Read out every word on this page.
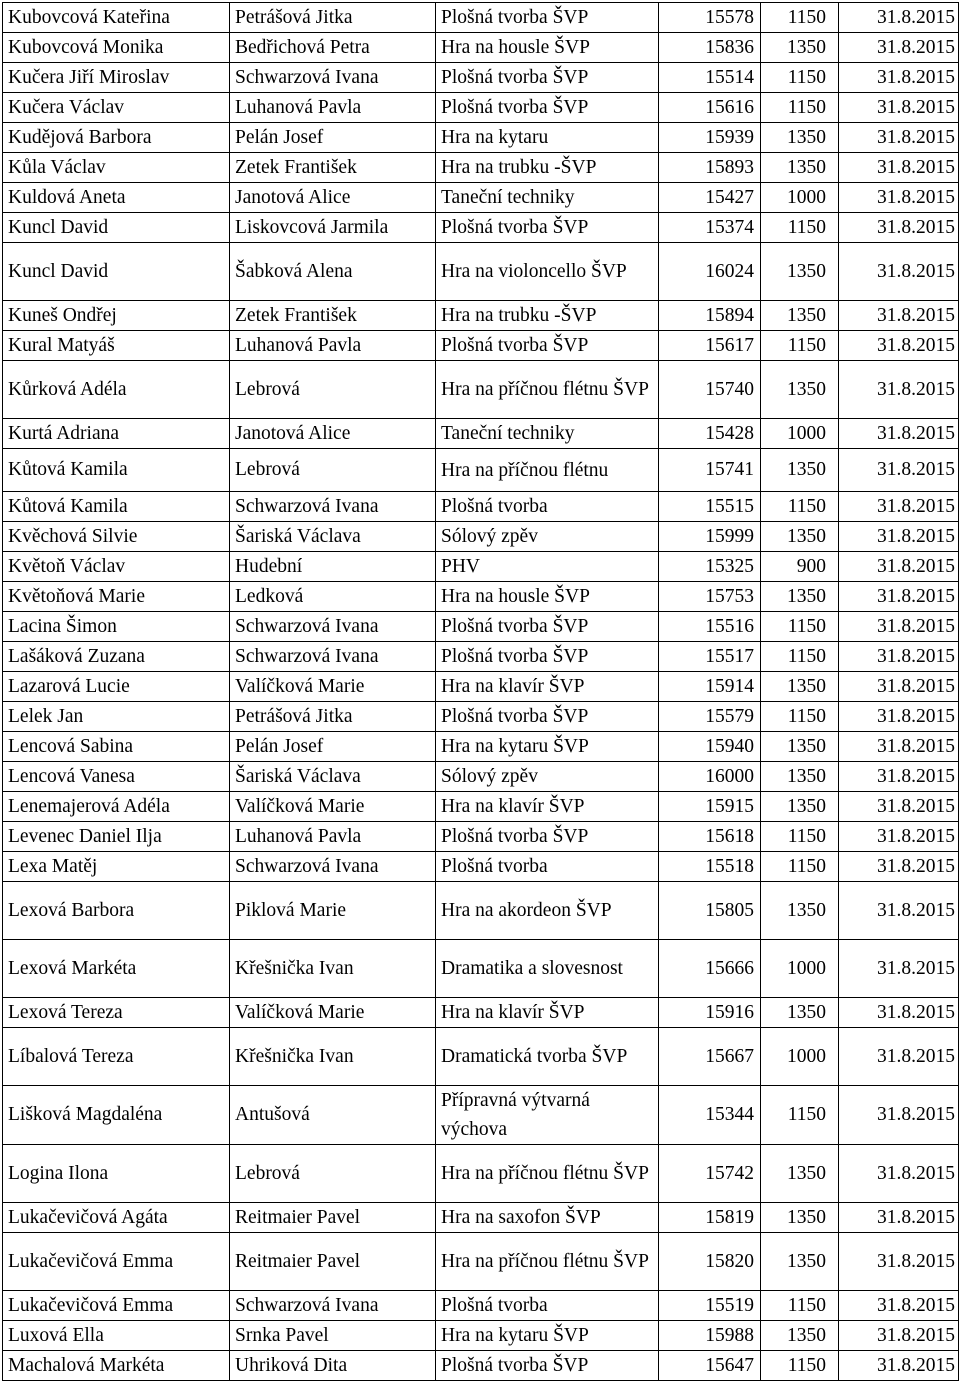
Kubovcová Kateřina	Petrášová Jitka	Plošná tvorba ŠVP	15578	1150	31.8.2015
Kubovcová Monika	Bedřichová Petra	Hra na housle ŠVP	15836	1350	31.8.2015
Kučera Jiří Miroslav	Schwarzová Ivana	Plošná tvorba ŠVP	15514	1150	31.8.2015
Kučera Václav	Luhanová Pavla	Plošná tvorba ŠVP	15616	1150	31.8.2015
Kudějová Barbora	Pelán Josef	Hra na kytaru	15939	1350	31.8.2015
Kůla Václav	Zetek František	Hra na trubku -ŠVP	15893	1350	31.8.2015
Kuldová Aneta	Janotová Alice	Taneční techniky	15427	1000	31.8.2015
Kuncl David	Liskovcová Jarmila	Plošná tvorba ŠVP	15374	1150	31.8.2015
Kuncl David	Šabková Alena	Hra na violoncello ŠVP	16024	1350	31.8.2015
Kuneš Ondřej	Zetek František	Hra na trubku -ŠVP	15894	1350	31.8.2015
Kural Matyáš	Luhanová Pavla	Plošná tvorba ŠVP	15617	1150	31.8.2015
Kůrková Adéla	Lebrová	Hra na příčnou flétnu ŠVP	15740	1350	31.8.2015
Kurtá Adriana	Janotová Alice	Taneční techniky	15428	1000	31.8.2015
Kůtová Kamila	Lebrová	Hra na příčnou flétnu	15741	1350	31.8.2015
Kůtová Kamila	Schwarzová Ivana	Plošná tvorba	15515	1150	31.8.2015
Kvěchová Silvie	Šariská Václava	Sólový zpěv	15999	1350	31.8.2015
Květoň Václav	Hudební	PHV	15325	900	31.8.2015
Květoňová Marie	Ledková	Hra na housle ŠVP	15753	1350	31.8.2015
Lacina Šimon	Schwarzová Ivana	Plošná tvorba ŠVP	15516	1150	31.8.2015
Lašáková Zuzana	Schwarzová Ivana	Plošná tvorba ŠVP	15517	1150	31.8.2015
Lazarová Lucie	Valíčková Marie	Hra na klavír ŠVP	15914	1350	31.8.2015
Lelek Jan	Petrášová Jitka	Plošná tvorba ŠVP	15579	1150	31.8.2015
Lencová Sabina	Pelán Josef	Hra na kytaru ŠVP	15940	1350	31.8.2015
Lencová Vanesa	Šariská Václava	Sólový zpěv	16000	1350	31.8.2015
Lenemajerová Adéla	Valíčková Marie	Hra na klavír ŠVP	15915	1350	31.8.2015
Levenec Daniel Ilja	Luhanová Pavla	Plošná tvorba ŠVP	15618	1150	31.8.2015
Lexa Matěj	Schwarzová Ivana	Plošná tvorba	15518	1150	31.8.2015
Lexová Barbora	Piklová Marie	Hra na akordeon ŠVP	15805	1350	31.8.2015
Lexová Markéta	Křešnička Ivan	Dramatika a slovesnost	15666	1000	31.8.2015
Lexová Tereza	Valíčková Marie	Hra na klavír ŠVP	15916	1350	31.8.2015
Líbalová Tereza	Křešnička Ivan	Dramatická tvorba ŠVP	15667	1000	31.8.2015
Lišková Magdaléna	Antušová	Přípravná výtvarná výchova	15344	1150	31.8.2015
Logina Ilona	Lebrová	Hra na příčnou flétnu ŠVP	15742	1350	31.8.2015
Lukačevičová Agáta	Reitmaier Pavel	Hra na saxofon ŠVP	15819	1350	31.8.2015
Lukačevičová Emma	Reitmaier Pavel	Hra na příčnou flétnu ŠVP	15820	1350	31.8.2015
Lukačevičová Emma	Schwarzová Ivana	Plošná tvorba	15519	1150	31.8.2015
Luxová Ella	Srnka Pavel	Hra na kytaru ŠVP	15988	1350	31.8.2015
Machalová Markéta	Uhriková Dita	Plošná tvorba ŠVP	15647	1150	31.8.2015
